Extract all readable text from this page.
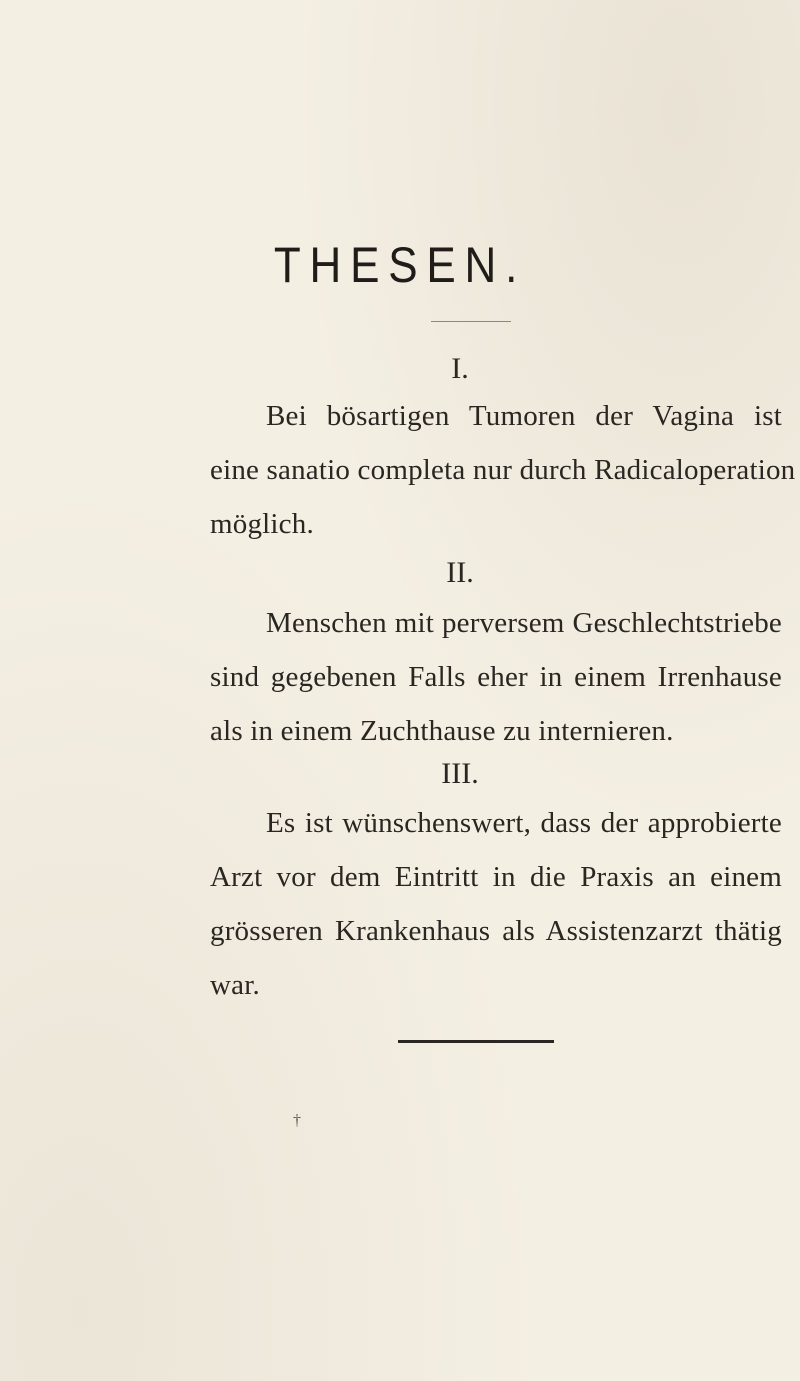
THESEN.
I.
Bei bösartigen Tumoren der Vagina ist
eine sanatio completa nur durch Radicaloperation
möglich.
II.
Menschen mit perversem Geschlechtstriebe
sind gegebenen Falls eher in einem Irrenhause
als in einem Zuchthause zu internieren.
III.
Es ist wünschenswert, dass der approbierte
Arzt vor dem Eintritt in die Praxis an einem
grösseren Krankenhaus als Assistenzarzt thätig
war.
†
